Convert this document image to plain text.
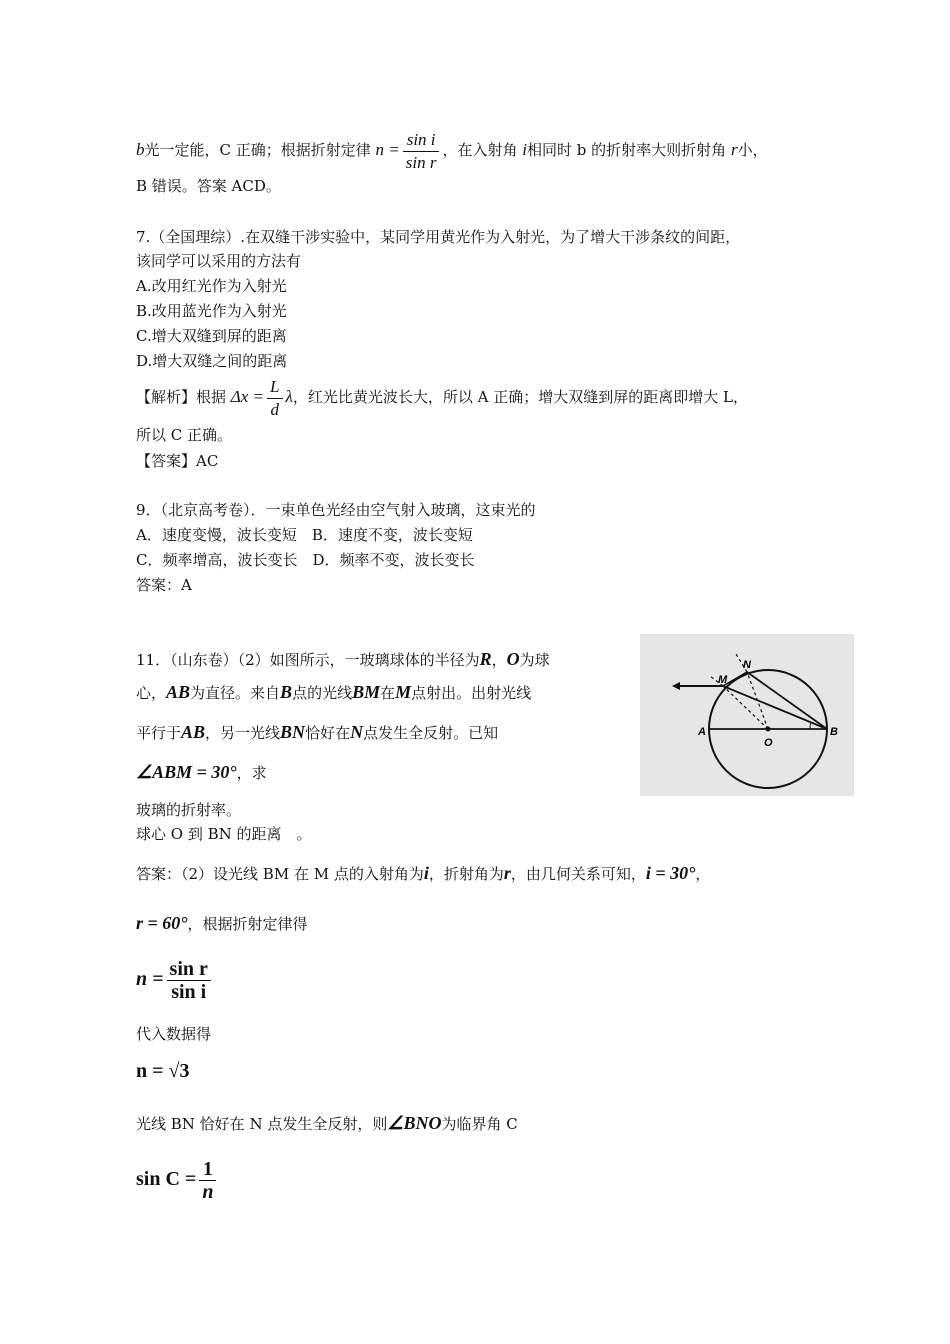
b光一定能，C 正确；根据折射定律 $n = \frac{\text{sin i}}{\text{sin r}}$ ，在入射角 i相同时 b 的折射率大则折射角 r小，
B 错误。答案 ACD。
7.（全国理综）.在双缝干涉实验中，某同学用黄光作为入射光，为了增大干涉条纹的间距，
该同学可以采用的方法有
A.改用红光作为入射光
B.改用蓝光作为入射光
C.增大双缝到屏的距离
D.增大双缝之间的距离
【解析】根据 $\Delta x = \frac{L}{d}$ λ，红光比黄光波长大，所以 A 正确；增大双缝到屏的距离即增大 L，
所以 C 正确。
【答案】AC
9．（北京高考卷）．一束单色光经由空气射入玻璃，这束光的
A．速度变慢，波长变短　B．速度不变，波长变短
C．频率增高，波长变长　D．频率不变，波长变长
答案：A
11．（山东卷）（2）如图所示，一玻璃球体的半径为R，O为球
心，AB为直径。来自B点的光线BM在M点射出。出射光线
平行于AB，另一光线BN恰好在N点发生全反射。已知
∠ABM = 30°，求
玻璃的折射率。
球心 O 到 BN 的距离　。
答案：（2）设光线 BM 在 M 点的入射角为i，折射角为r，由几何关系可知，i = 30°，
r = 60°，根据折射定律得
$n = \frac{\text{sin r}}{\text{sin i}}$
代入数据得
n = √3
光线 BN 恰好在 N 点发生全反射，则∠BNO为临界角 C
$\sin C = \frac{1}{n}$
A	B
O
M
N
